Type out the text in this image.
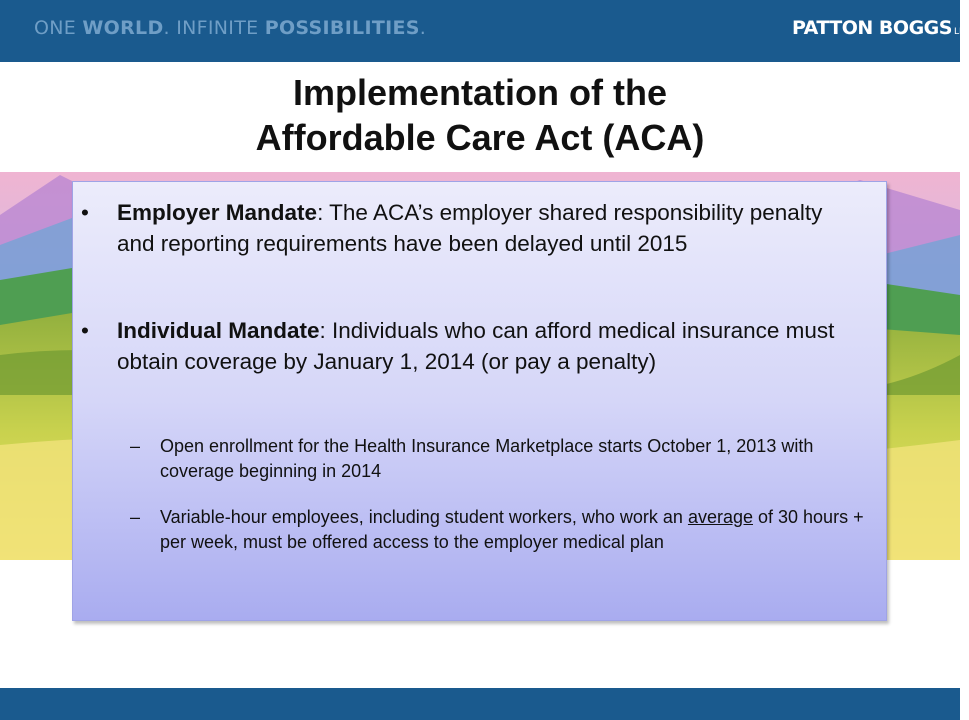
ONE WORLD. INFINITE POSSIBILITIES.	PATTON BOGGS LLP
Implementation of the
Affordable Care Act (ACA)
• Employer Mandate: The ACA’s employer shared responsibility penalty and reporting requirements have been delayed until 2015
• Individual Mandate: Individuals who can afford medical insurance must obtain coverage by January 1, 2014 (or pay a penalty)
– Open enrollment for the Health Insurance Marketplace starts October 1, 2013 with coverage beginning in 2014
– Variable-hour employees, including student workers, who work an average of 30 hours + per week, must be offered access to the employer medical plan
